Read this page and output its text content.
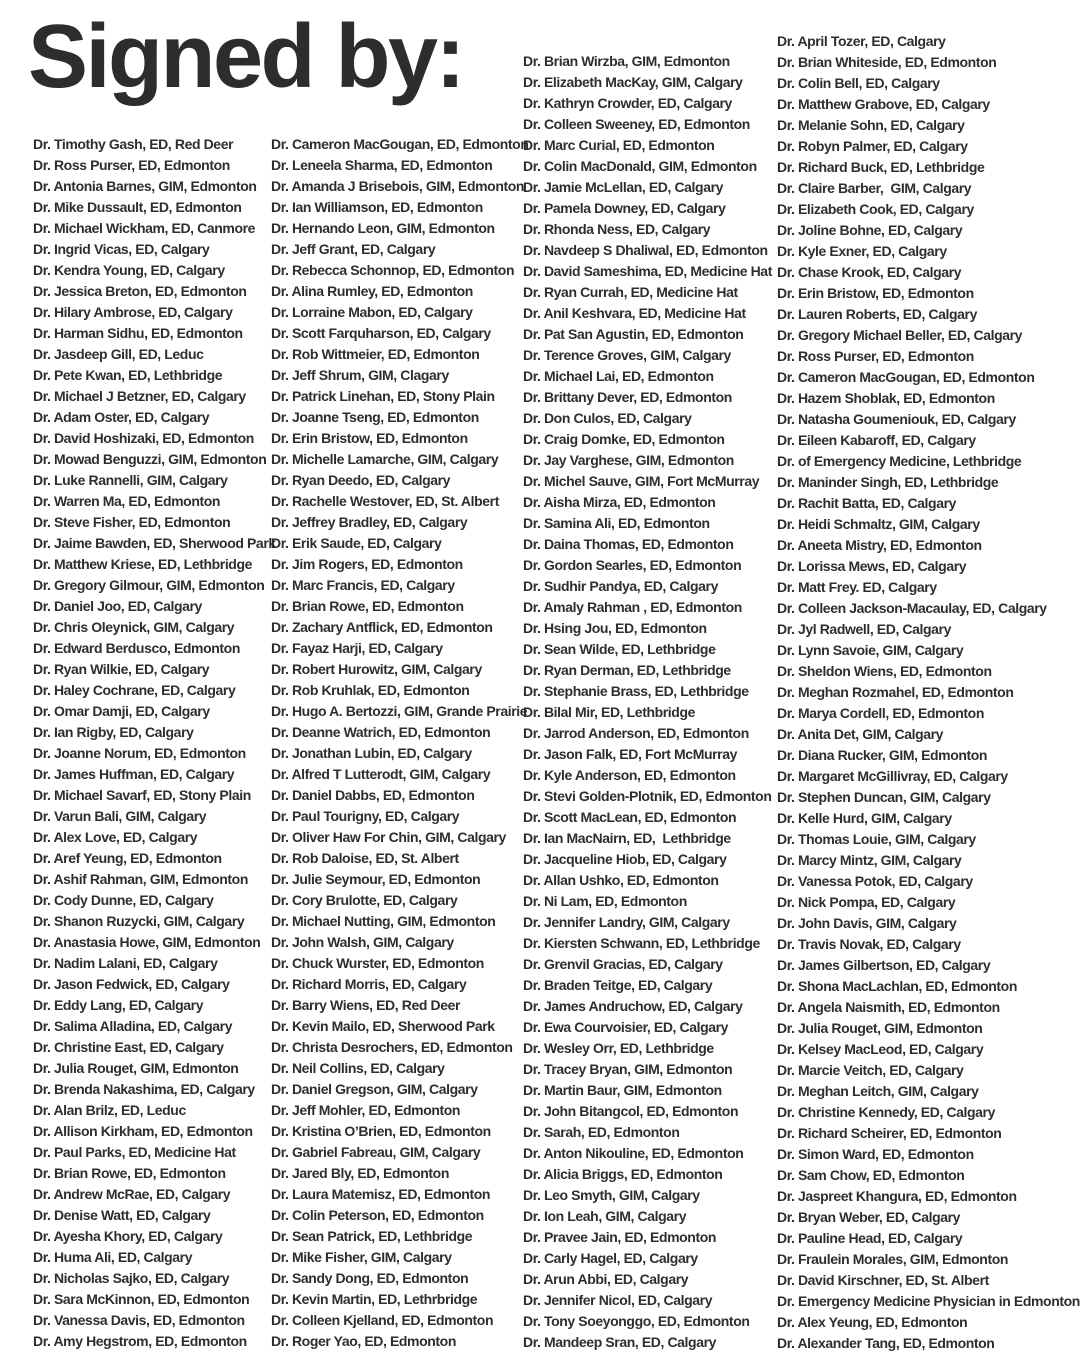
Signed by:
Dr. Timothy Gash, ED, Red Deer
Dr. Ross Purser, ED, Edmonton
Dr. Antonia Barnes, GIM, Edmonton
Dr. Mike Dussault, ED, Edmonton
Dr. Michael Wickham, ED, Canmore
Dr. Ingrid Vicas, ED, Calgary
Dr. Kendra Young, ED, Calgary
Dr. Jessica Breton, ED, Edmonton
Dr. Hilary Ambrose, ED, Calgary
Dr. Harman Sidhu, ED, Edmonton
Dr. Jasdeep Gill, ED, Leduc
Dr. Pete Kwan, ED, Lethbridge
Dr. Michael J Betzner, ED, Calgary
Dr. Adam Oster, ED, Calgary
Dr. David Hoshizaki, ED, Edmonton
Dr. Mowad Benguzzi, GIM, Edmonton
Dr. Luke Rannelli, GIM, Calgary
Dr. Warren Ma, ED, Edmonton
Dr. Steve Fisher, ED, Edmonton
Dr. Jaime Bawden, ED, Sherwood Park
Dr. Matthew Kriese, ED, Lethbridge
Dr. Gregory Gilmour, GIM, Edmonton
Dr. Daniel Joo, ED, Calgary
Dr. Chris Oleynick, GIM, Calgary
Dr. Edward Berdusco, Edmonton
Dr. Ryan Wilkie, ED, Calgary
Dr. Haley Cochrane, ED, Calgary
Dr. Omar Damji, ED, Calgary
Dr. Ian Rigby, ED, Calgary
Dr. Joanne Norum, ED, Edmonton
Dr. James Huffman, ED, Calgary
Dr. Michael Savarf, ED, Stony Plain
Dr. Varun Bali, GIM, Calgary
Dr. Alex Love, ED, Calgary
Dr. Aref Yeung, ED, Edmonton
Dr. Ashif Rahman, GIM, Edmonton
Dr. Cody Dunne, ED, Calgary
Dr. Shanon Ruzycki, GIM, Calgary
Dr. Anastasia Howe, GIM, Edmonton
Dr. Nadim Lalani, ED, Calgary
Dr. Jason Fedwick, ED, Calgary
Dr. Eddy Lang, ED, Calgary
Dr. Salima Alladina, ED, Calgary
Dr. Christine East, ED, Calgary
Dr. Julia Rouget, GIM, Edmonton
Dr. Brenda Nakashima, ED, Calgary
Dr. Alan Brilz, ED, Leduc
Dr. Allison Kirkham, ED, Edmonton
Dr. Paul Parks, ED, Medicine Hat
Dr. Brian Rowe, ED, Edmonton
Dr. Andrew McRae, ED, Calgary
Dr. Denise Watt, ED, Calgary
Dr. Ayesha Khory, ED, Calgary
Dr. Huma Ali, ED, Calgary
Dr. Nicholas Sajko, ED, Calgary
Dr. Sara McKinnon, ED, Edmonton
Dr. Vanessa Davis, ED, Edmonton
Dr. Amy Hegstrom, ED, Edmonton
Dr. Cameron MacGougan, ED, Edmonton
Dr. Leneela Sharma, ED, Edmonton
Dr. Amanda J Brisebois, GIM, Edmonton
Dr. Ian Williamson, ED, Edmonton
Dr. Hernando Leon, GIM, Edmonton
Dr. Jeff Grant, ED, Calgary
Dr. Rebecca Schonnop, ED, Edmonton
Dr. Alina Rumley, ED, Edmonton
Dr. Lorraine Mabon, ED, Calgary
Dr. Scott Farquharson, ED, Calgary
Dr. Rob Wittmeier, ED, Edmonton
Dr. Jeff Shrum, GIM, Clagary
Dr. Patrick Linehan, ED, Stony Plain
Dr. Joanne Tseng, ED, Edmonton
Dr. Erin Bristow, ED, Edmonton
Dr. Michelle Lamarche, GIM, Calgary
Dr. Ryan Deedo, ED, Calgary
Dr. Rachelle Westover, ED, St. Albert
Dr. Jeffrey Bradley, ED, Calgary
Dr. Erik Saude, ED, Calgary
Dr. Jim Rogers, ED, Edmonton
Dr. Marc Francis, ED, Calgary
Dr. Brian Rowe, ED, Edmonton
Dr. Zachary Antflick, ED, Edmonton
Dr. Fayaz Harji, ED, Calgary
Dr. Robert Hurowitz, GIM, Calgary
Dr. Rob Kruhlak, ED, Edmonton
Dr. Hugo A. Bertozzi, GIM, Grande Prairie
Dr. Deanne Watrich, ED, Edmonton
Dr. Jonathan Lubin, ED, Calgary
Dr. Alfred T Lutterodt, GIM, Calgary
Dr. Daniel Dabbs, ED, Edmonton
Dr. Paul Tourigny, ED, Calgary
Dr. Oliver Haw For Chin, GIM, Calgary
Dr. Rob Daloise, ED, St. Albert
Dr. Julie Seymour, ED, Edmonton
Dr. Cory Brulotte, ED, Calgary
Dr. Michael Nutting, GIM, Edmonton
Dr. John Walsh, GIM, Calgary
Dr. Chuck Wurster, ED, Edmonton
Dr. Richard Morris, ED, Calgary
Dr. Barry Wiens, ED, Red Deer
Dr. Kevin Mailo, ED, Sherwood Park
Dr. Christa Desrochers, ED, Edmonton
Dr. Neil Collins, ED, Calgary
Dr. Daniel Gregson, GIM, Calgary
Dr. Jeff Mohler, ED, Edmonton
Dr. Kristina O’Brien, ED, Edmonton
Dr. Gabriel Fabreau, GIM, Calgary
Dr. Jared Bly, ED, Edmonton
Dr. Laura Matemisz, ED, Edmonton
Dr. Colin Peterson, ED, Edmonton
Dr. Sean Patrick, ED, Lethbridge
Dr. Mike Fisher, GIM, Calgary
Dr. Sandy Dong, ED, Edmonton
Dr. Kevin Martin, ED, Lethrbridge
Dr. Colleen Kjelland, ED, Edmonton
Dr. Roger Yao, ED, Edmonton
Dr. Brian Wirzba, GIM, Edmonton
Dr. Elizabeth MacKay, GIM, Calgary
Dr. Kathryn Crowder, ED, Calgary
Dr. Colleen Sweeney, ED, Edmonton
Dr. Marc Curial, ED, Edmonton
Dr. Colin MacDonald, GIM, Edmonton
Dr. Jamie McLellan, ED, Calgary
Dr. Pamela Downey, ED, Calgary
Dr. Rhonda Ness, ED, Calgary
Dr. Navdeep S Dhaliwal, ED, Edmonton
Dr. David Sameshima, ED, Medicine Hat
Dr. Ryan Currah, ED, Medicine Hat
Dr. Anil Keshvara, ED, Medicine Hat
Dr. Pat San Agustin, ED, Edmonton
Dr. Terence Groves, GIM, Calgary
Dr. Michael Lai, ED, Edmonton
Dr. Brittany Dever, ED, Edmonton
Dr. Don Culos, ED, Calgary
Dr. Craig Domke, ED, Edmonton
Dr. Jay Varghese, GIM, Edmonton
Dr. Michel Sauve, GIM, Fort McMurray
Dr. Aisha Mirza, ED, Edmonton
Dr. Samina Ali, ED, Edmonton
Dr. Daina Thomas, ED, Edmonton
Dr. Gordon Searles, ED, Edmonton
Dr. Sudhir Pandya, ED, Calgary
Dr. Amaly Rahman , ED, Edmonton
Dr. Hsing Jou, ED, Edmonton
Dr. Sean Wilde, ED, Lethbridge
Dr. Ryan Derman, ED, Lethbridge
Dr. Stephanie Brass, ED, Lethbridge
Dr. Bilal Mir, ED, Lethbridge
Dr. Jarrod Anderson, ED, Edmonton
Dr. Jason Falk, ED, Fort McMurray
Dr. Kyle Anderson, ED, Edmonton
Dr. Stevi Golden-Plotnik, ED, Edmonton
Dr. Scott MacLean, ED, Edmonton
Dr. Ian MacNairn, ED,  Lethbridge
Dr. Jacqueline Hiob, ED, Calgary
Dr. Allan Ushko, ED, Edmonton
Dr. Ni Lam, ED, Edmonton
Dr. Jennifer Landry, GIM, Calgary
Dr. Kiersten Schwann, ED, Lethbridge
Dr. Grenvil Gracias, ED, Calgary
Dr. Braden Teitge, ED, Calgary
Dr. James Andruchow, ED, Calgary
Dr. Ewa Courvoisier, ED, Calgary
Dr. Wesley Orr, ED, Lethbridge
Dr. Tracey Bryan, GIM, Edmonton
Dr. Martin Baur, GIM, Edmonton
Dr. John Bitangcol, ED, Edmonton
Dr. Sarah, ED, Edmonton
Dr. Anton Nikouline, ED, Edmonton
Dr. Alicia Briggs, ED, Edmonton
Dr. Leo Smyth, GIM, Calgary
Dr. Ion Leah, GIM, Calgary
Dr. Pravee Jain, ED, Edmonton
Dr. Carly Hagel, ED, Calgary
Dr. Arun Abbi, ED, Calgary
Dr. Jennifer Nicol, ED, Calgary
Dr. Tony Soeyonggo, ED, Edmonton
Dr. Mandeep Sran, ED, Calgary
Dr. April Tozer, ED, Calgary
Dr. Brian Whiteside, ED, Edmonton
Dr. Colin Bell, ED, Calgary
Dr. Matthew Grabove, ED, Calgary
Dr. Melanie Sohn, ED, Calgary
Dr. Robyn Palmer, ED, Calgary
Dr. Richard Buck, ED, Lethbridge
Dr. Claire Barber,  GIM, Calgary
Dr. Elizabeth Cook, ED, Calgary
Dr. Joline Bohne, ED, Calgary
Dr. Kyle Exner, ED, Calgary
Dr. Chase Krook, ED, Calgary
Dr. Erin Bristow, ED, Edmonton
Dr. Lauren Roberts, ED, Calgary
Dr. Gregory Michael Beller, ED, Calgary
Dr. Ross Purser, ED, Edmonton
Dr. Cameron MacGougan, ED, Edmonton
Dr. Hazem Shoblak, ED, Edmonton
Dr. Natasha Goumeniouk, ED, Calgary
Dr. Eileen Kabaroff, ED, Calgary
Dr. of Emergency Medicine, Lethbridge
Dr. Maninder Singh, ED, Lethbridge
Dr. Rachit Batta, ED, Calgary
Dr. Heidi Schmaltz, GIM, Calgary
Dr. Aneeta Mistry, ED, Edmonton
Dr. Lorissa Mews, ED, Calgary
Dr. Matt Frey. ED, Calgary
Dr. Colleen Jackson-Macaulay, ED, Calgary
Dr. Jyl Radwell, ED, Calgary
Dr. Lynn Savoie, GIM, Calgary
Dr. Sheldon Wiens, ED, Edmonton
Dr. Meghan Rozmahel, ED, Edmonton
Dr. Marya Cordell, ED, Edmonton
Dr. Anita Det, GIM, Calgary
Dr. Diana Rucker, GIM, Edmonton
Dr. Margaret McGillivray, ED, Calgary
Dr. Stephen Duncan, GIM, Calgary
Dr. Kelle Hurd, GIM, Calgary
Dr. Thomas Louie, GIM, Calgary
Dr. Marcy Mintz, GIM, Calgary
Dr. Vanessa Potok, ED, Calgary
Dr. Nick Pompa, ED, Calgary
Dr. John Davis, GIM, Calgary
Dr. Travis Novak, ED, Calgary
Dr. James Gilbertson, ED, Calgary
Dr. Shona MacLachlan, ED, Edmonton
Dr. Angela Naismith, ED, Edmonton
Dr. Julia Rouget, GIM, Edmonton
Dr. Kelsey MacLeod, ED, Calgary
Dr. Marcie Veitch, ED, Calgary
Dr. Meghan Leitch, GIM, Calgary
Dr. Christine Kennedy, ED, Calgary
Dr. Richard Scheirer, ED, Edmonton
Dr. Simon Ward, ED, Edmonton
Dr. Sam Chow, ED, Edmonton
Dr. Jaspreet Khangura, ED, Edmonton
Dr. Bryan Weber, ED, Calgary
Dr. Pauline Head, ED, Calgary
Dr. Fraulein Morales, GIM, Edmonton
Dr. David Kirschner, ED, St. Albert
Dr. Emergency Medicine Physician in Edmonton
Dr. Alex Yeung, ED, Edmonton
Dr. Alexander Tang, ED, Edmonton
